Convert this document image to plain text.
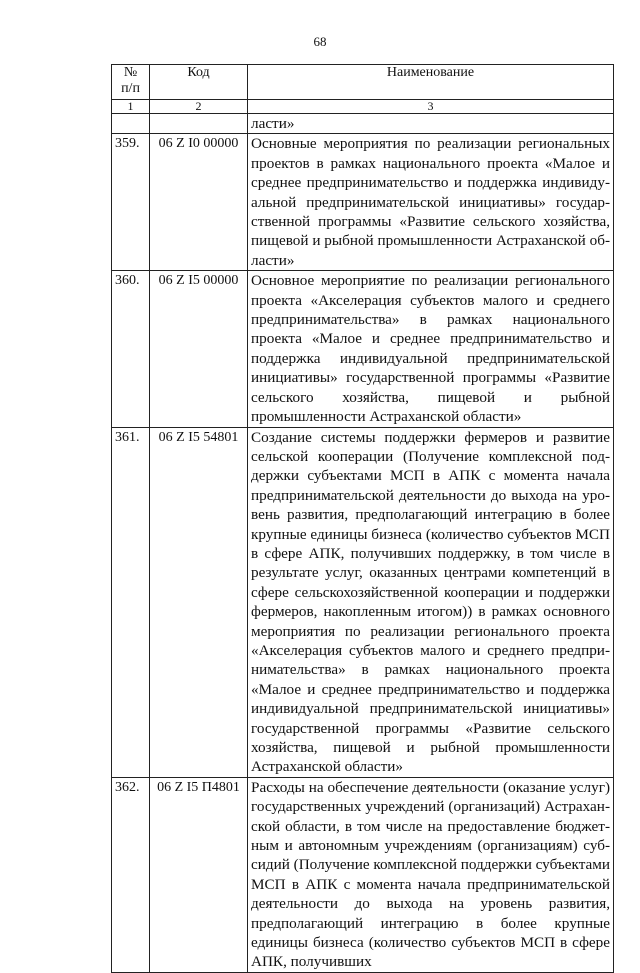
68
№
п/п	Код	Наименование
1	2	3
		ласти»
359.	06 Z I0 00000	Основные мероприятия по реализации региональных проектов в рамках национального проекта «Малое и среднее предпринимательство и поддержка индивидуальной предпринимательской инициативы» государственной программы «Развитие сельского хозяйства, пищевой и рыбной промышленности Астраханской области»
360.	06 Z I5 00000	Основное мероприятие по реализации регионального проекта «Акселерация субъектов малого и среднего предпринимательства» в рамках национального проекта «Малое и среднее предпринимательство и поддержка индивидуальной предпринимательской инициативы» государственной программы «Развитие сельского хозяйства, пищевой и рыбной промышленности Астраханской области»
361.	06 Z I5 54801	Создание системы поддержки фермеров и развитие сельской кооперации (Получение комплексной поддержки субъектами МСП в АПК с момента начала предпринимательской деятельности до выхода на уровень развития, предполагающий интеграцию в более крупные единицы бизнеса (количество субъектов МСП в сфере АПК, получивших поддержку, в том числе в результате услуг, оказанных центрами компетенций в сфере сельскохозяйственной кооперации и поддержки фермеров, накопленным итогом)) в рамках основного мероприятия по реализации регионального проекта «Акселерация субъектов малого и среднего предпринимательства» в рамках национального проекта «Малое и среднее предпринимательство и поддержка индивидуальной предпринимательской инициативы» государственной программы «Развитие сельского хозяйства, пищевой и рыбной промышленности Астраханской области»
362.	06 Z I5 П4801	Расходы на обеспечение деятельности (оказание услуг) государственных учреждений (организаций) Астраханской области, в том числе на предоставление бюджетным и автономным учреждениям (организациям) субсидий (Получение комплексной поддержки субъектами МСП в АПК с момента начала предпринимательской деятельности до выхода на уровень развития, предполагающий интеграцию в более крупные единицы бизнеса (количество субъектов МСП в сфере АПК, получивших
